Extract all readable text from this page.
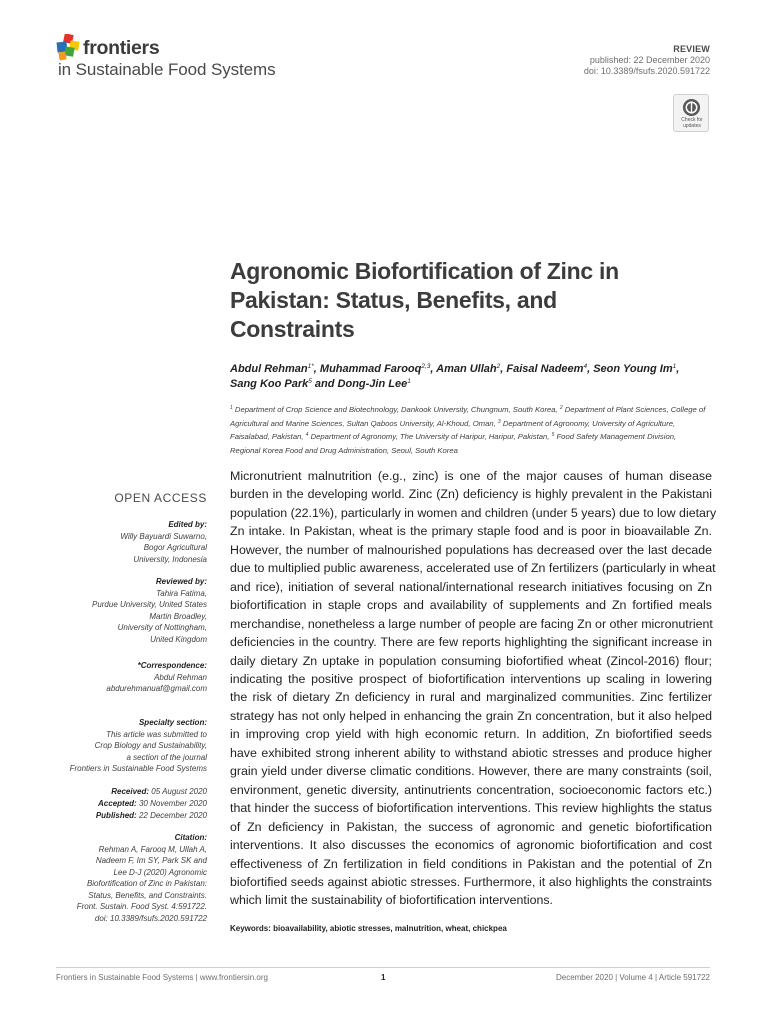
frontiers
in Sustainable Food Systems
REVIEW
published: 22 December 2020
doi: 10.3389/fsufs.2020.591722
Check for
updates
Agronomic Biofortification of Zinc in
Pakistan: Status, Benefits, and
Constraints
Abdul Rehman$^{1*}$, Muhammad Farooq$^{2,3}$, Aman Ullah$^2$, Faisal Nadeem$^4$, Seon Young Im$^1$,
Sang Koo Park$^5$ and Dong-Jin Lee$^1$
$^1$ Department of Crop Science and Biotechnology, Dankook University, Chungnum, South Korea, $^2$ Department of Plant Sciences, College of Agricultural and Marine Sciences, Sultan Qaboos University, Al-Khoud, Oman, $^3$ Department of Agronomy, University of Agriculture, Faisalabad, Pakistan, $^4$ Department of Agronomy, The University of Haripur, Haripur, Pakistan, $^5$ Food Safety Management Division, Regional Korea Food and Drug Administration, Seoul, South Korea
OPEN ACCESS
Edited by:
Willy Bayuardi Suwarno,
Bogor Agricultural
University, Indonesia
Reviewed by:
Tahira Fatima,
Purdue University, United States
Martin Broadley,
University of Nottingham,
United Kingdom
*Correspondence:
Abdul Rehman
abdurehmanuaf@gmail.com
Specialty section:
This article was submitted to
Crop Biology and Sustainability,
a section of the journal
Frontiers in Sustainable Food Systems
Received: 05 August 2020
Accepted: 30 November 2020
Published: 22 December 2020
Citation:
Rehman A, Farooq M, Ullah A,
Nadeem F, Im SY, Park SK and
Lee D-J (2020) Agronomic
Biofortification of Zinc in Pakistan:
Status, Benefits, and Constraints.
Front. Sustain. Food Syst. 4:591722.
doi: 10.3389/fsufs.2020.591722
Micronutrient malnutrition (e.g., zinc) is one of the major causes of human disease
burden in the developing world. Zinc (Zn) deficiency is highly prevalent in the Pakistani
population (22.1%), particularly in women and children (under 5 years) due to low dietary
Zn intake. In Pakistan, wheat is the primary staple food and is poor in bioavailable Zn.
However, the number of malnourished populations has decreased over the last decade
due to multiplied public awareness, accelerated use of Zn fertilizers (particularly in wheat
and rice), initiation of several national/international research initiatives focusing on Zn
biofortification in staple crops and availability of supplements and Zn fortified meals
merchandise, nonetheless a large number of people are facing Zn or other micronutrient
deficiencies in the country. There are few reports highlighting the significant increase in
daily dietary Zn uptake in population consuming biofortified wheat (Zincol-2016) flour;
indicating the positive prospect of biofortification interventions up scaling in lowering
the risk of dietary Zn deficiency in rural and marginalized communities. Zinc fertilizer
strategy has not only helped in enhancing the grain Zn concentration, but it also helped
in improving crop yield with high economic return. In addition, Zn biofortified seeds
have exhibited strong inherent ability to withstand abiotic stresses and produce higher
grain yield under diverse climatic conditions. However, there are many constraints (soil,
environment, genetic diversity, antinutrients concentration, socioeconomic factors etc.)
that hinder the success of biofortification interventions. This review highlights the status
of Zn deficiency in Pakistan, the success of agronomic and genetic biofortification
interventions. It also discusses the economics of agronomic biofortification and cost
effectiveness of Zn fertilization in field conditions in Pakistan and the potential of Zn
biofortified seeds against abiotic stresses. Furthermore, it also highlights the constraints
which limit the sustainability of biofortification interventions.
Keywords: bioavailability, abiotic stresses, malnutrition, wheat, chickpea
Frontiers in Sustainable Food Systems | www.frontiersin.org	1	December 2020 | Volume 4 | Article 591722
